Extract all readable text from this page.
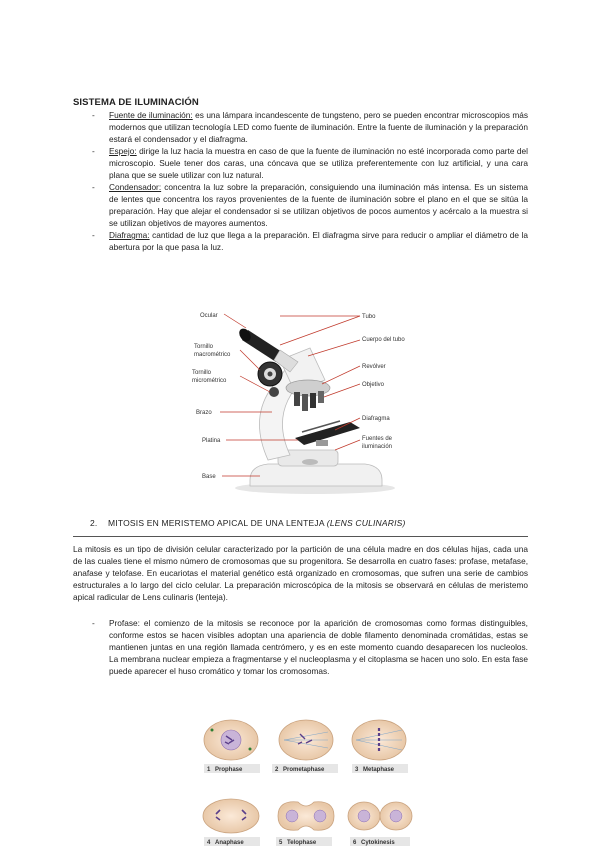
SISTEMA DE ILUMINACIÓN
- Fuente de iluminación: es una lámpara incandescente de tungsteno, pero se pueden encontrar microscopios más modernos que utilizan tecnología LED como fuente de iluminación. Entre la fuente de iluminación y la preparación estará el condensador y el diafragma.
- Espejo: dirige la luz hacia la muestra en caso de que la fuente de iluminación no esté incorporada como parte del microscopio. Suele tener dos caras, una cóncava que se utiliza preferentemente con luz artificial, y una cara plana que se suele utilizar con luz natural.
- Condensador: concentra la luz sobre la preparación, consiguiendo una iluminación más intensa. Es un sistema de lentes que concentra los rayos provenientes de la fuente de iluminación sobre el plano en el que se sitúa la preparación. Hay que alejar el condensador si se utilizan objetivos de pocos aumentos y acércalo a la muestra si se utilizan objetivos de mayores aumentos.
- Diafragma: cantidad de luz que llega a la preparación. El diafragma sirve para reducir o ampliar el diámetro de la abertura por la que pasa la luz.
Ocular
Tornillo
macrométrico
Tornillo
micrométrico
Brazo
Platina
Base
Tubo
Cuerpo del tubo
Revólver
Objetivo
Diafragma
Fuentes de
iluminación
2. MITOSIS EN MERISTEMO APICAL DE UNA LENTEJA (LENS CULINARIS)

La mitosis es un tipo de división celular caracterizado por la partición de una célula madre en dos células hijas, cada una de las cuales tiene el mismo número de cromosomas que su progenitora. Se desarrolla en cuatro fases: profase, metafase, anafase y telofase. En eucariotas el material genético está organizado en cromosomas, que sufren una serie de cambios estructurales a lo largo del ciclo celular. La preparación microscópica de la mitosis se observará en células de meristemo apical radicular de Lens culinaris (lenteja).

- Profase: el comienzo de la mitosis se reconoce por la aparición de cromosomas como formas distinguibles, conforme estos se hacen visibles adoptan una apariencia de doble filamento denominada cromátidas, estas se mantienen juntas en una región llamada centrómero, y es en este momento cuando desaparecen los nucleolos. La membrana nuclear empieza a fragmentarse y el nucleoplasma y el citoplasma se hacen uno solo. En esta fase puede aparecer el huso cromático y tomar los cromosomas.
1 Prophase	2 Prometaphase	3 Metaphase
4 Anaphase	5 Telophase	6 Cytokinesis
